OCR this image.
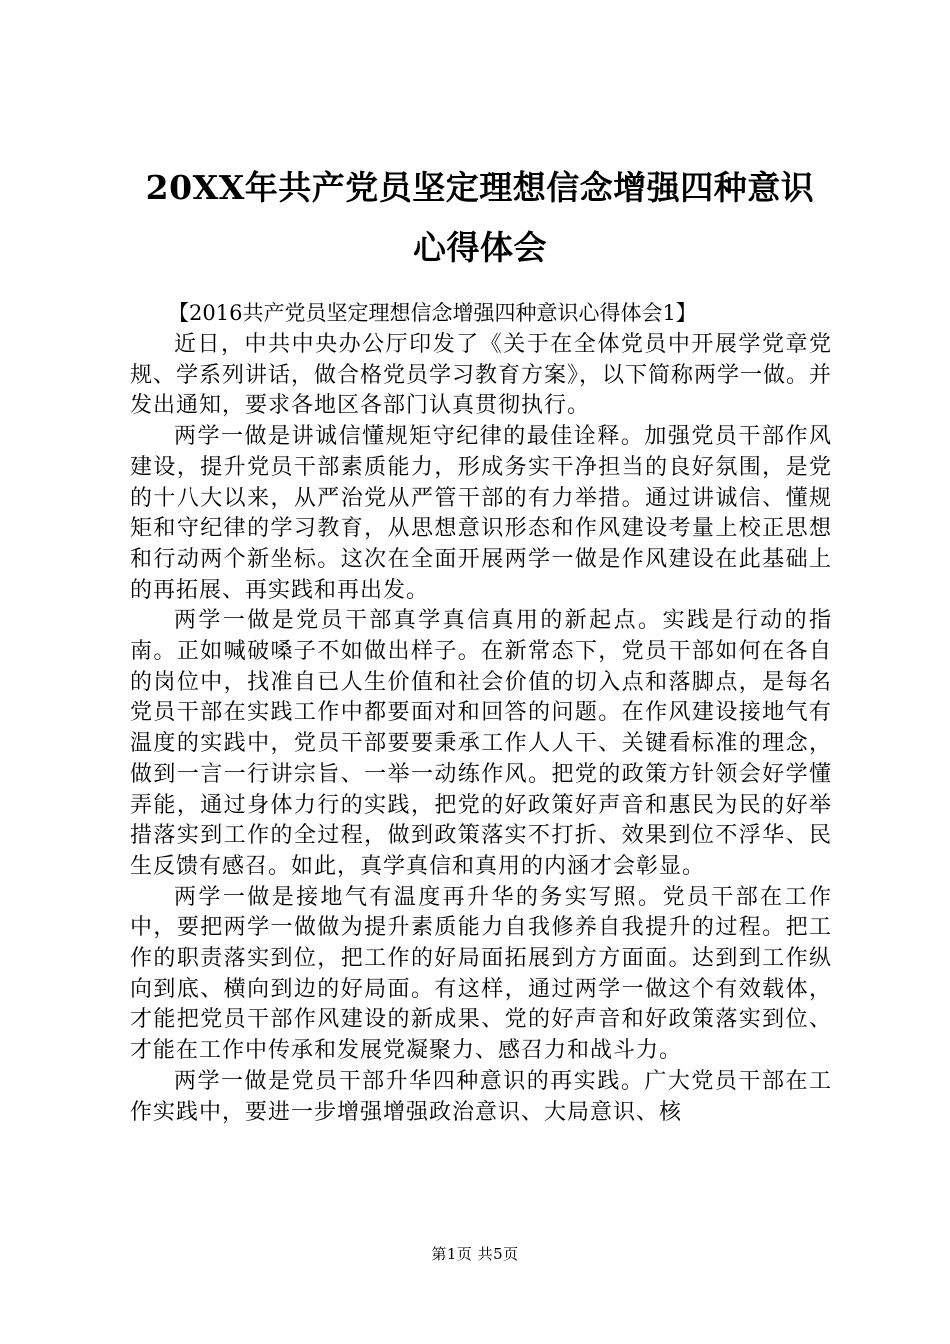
20XX年共产党员坚定理想信念增强四种意识心得体会
【2016共产党员坚定理想信念增强四种意识心得体会1】

近日，中共中央办公厅印发了《关于在全体党员中开展学党章党规、学系列讲话，做合格党员学习教育方案》，以下简称两学一做。并发出通知，要求各地区各部门认真贯彻执行。

两学一做是讲诚信懂规矩守纪律的最佳诠释。加强党员干部作风建设，提升党员干部素质能力，形成务实干净担当的良好氛围，是党的十八大以来，从严治党从严管干部的有力举措。通过讲诚信、懂规矩和守纪律的学习教育，从思想意识形态和作风建设考量上校正思想和行动两个新坐标。这次在全面开展两学一做是作风建设在此基础上的再拓展、再实践和再出发。

两学一做是党员干部真学真信真用的新起点。实践是行动的指南。正如喊破嗓子不如做出样子。在新常态下，党员干部如何在各自的岗位中，找准自已人生价值和社会价值的切入点和落脚点，是每名党员干部在实践工作中都要面对和回答的问题。在作风建设接地气有温度的实践中，党员干部要要秉承工作人人干、关键看标准的理念，做到一言一行讲宗旨、一举一动练作风。把党的政策方针领会好学懂弄能，通过身体力行的实践，把党的好政策好声音和惠民为民的好举措落实到工作的全过程，做到政策落实不打折、效果到位不浮华、民生反馈有感召。如此，真学真信和真用的内涵才会彰显。

两学一做是接地气有温度再升华的务实写照。党员干部在工作中，要把两学一做做为提升素质能力自我修养自我提升的过程。把工作的职责落实到位，把工作的好局面拓展到方方面面。达到到工作纵向到底、横向到边的好局面。有这样，通过两学一做这个有效载体，才能把党员干部作风建设的新成果、党的好声音和好政策落实到位、才能在工作中传承和发展党凝聚力、感召力和战斗力。

两学一做是党员干部升华四种意识的再实践。广大党员干部在工作实践中，要进一步增强增强政治意识、大局意识、核

第1页 共5页
